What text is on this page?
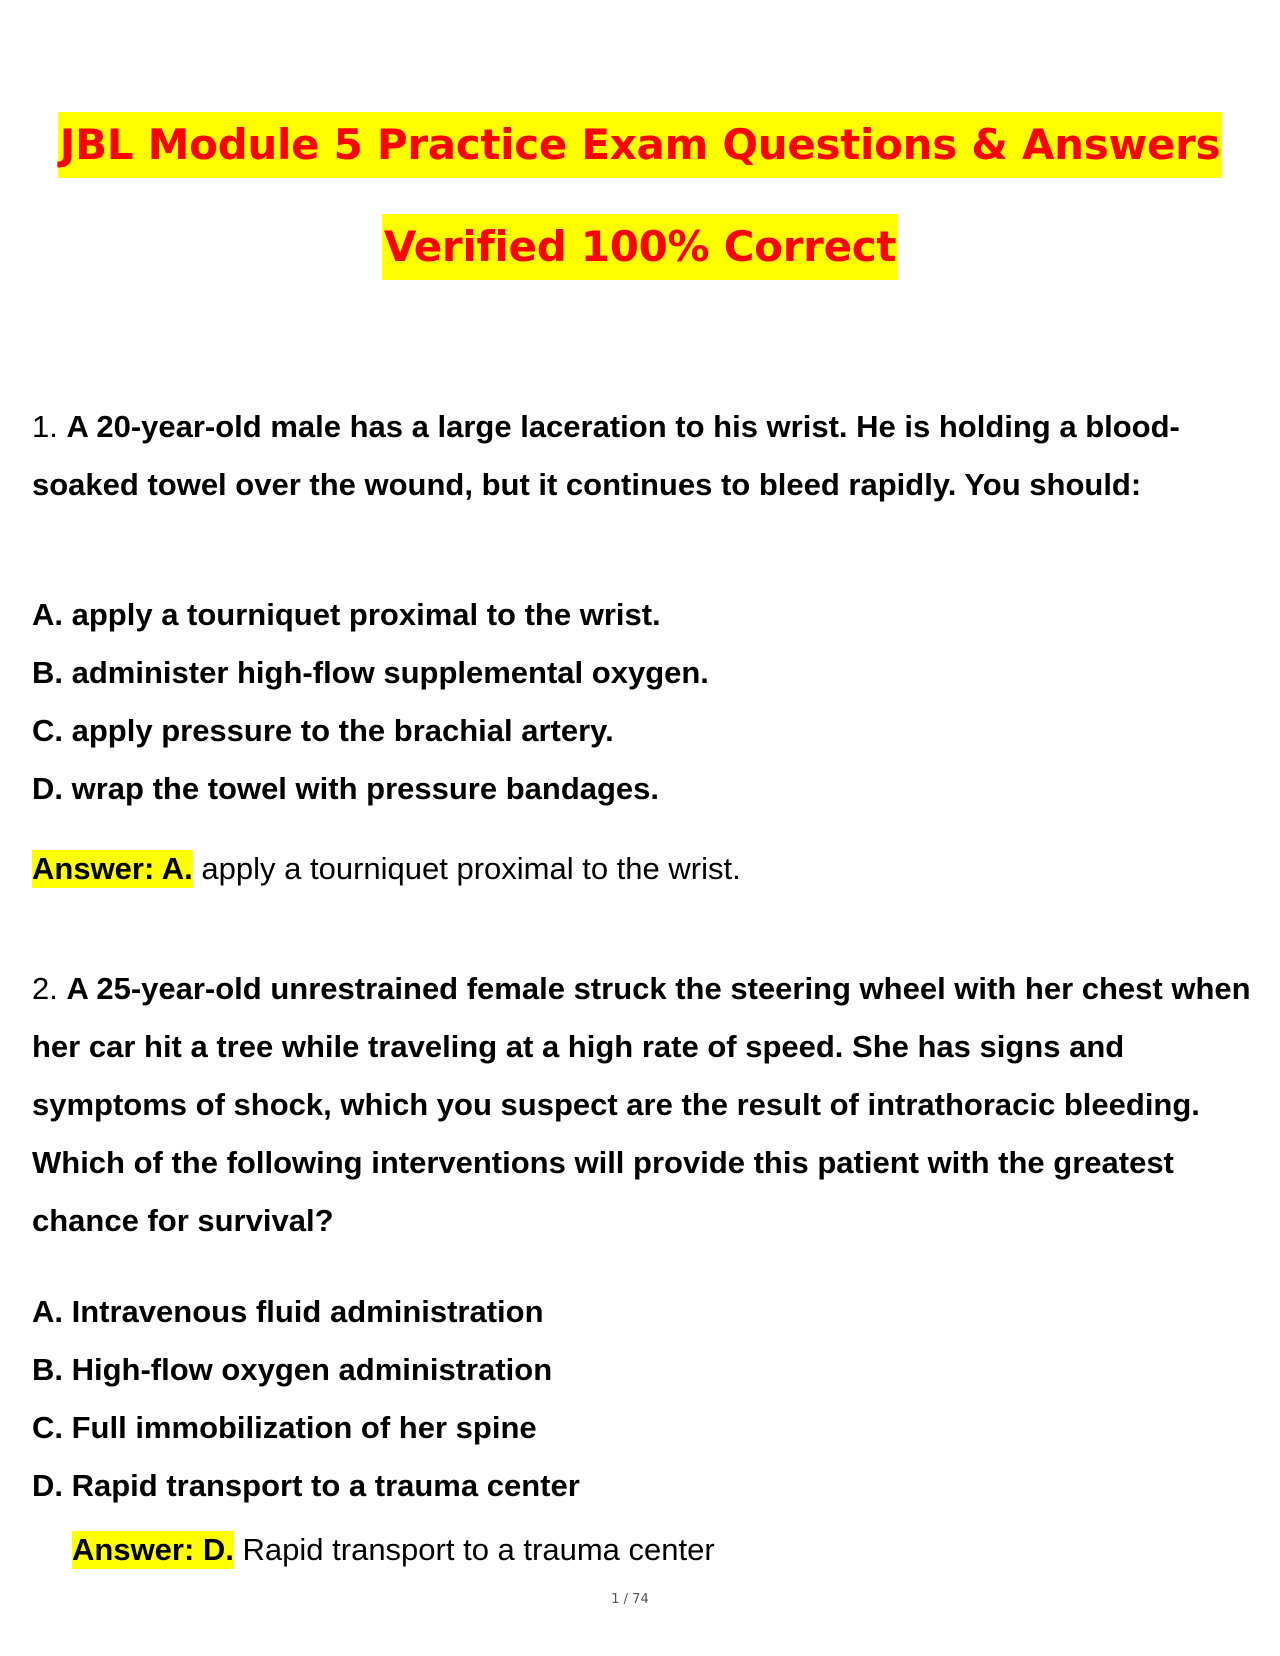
JBL Module 5 Practice Exam Questions & Answers
Verified 100% Correct
1. A 20-year-old male has a large laceration to his wrist. He is holding a blood-soaked towel over the wound, but it continues to bleed rapidly. You should:
A. apply a tourniquet proximal to the wrist.
B. administer high-flow supplemental oxygen.
C. apply pressure to the brachial artery.
D. wrap the towel with pressure bandages.
Answer: A. apply a tourniquet proximal to the wrist.
2. A 25-year-old unrestrained female struck the steering wheel with her chest when her car hit a tree while traveling at a high rate of speed. She has signs and symptoms of shock, which you suspect are the result of intrathoracic bleeding. Which of the following interventions will provide this patient with the greatest chance for survival?
A. Intravenous fluid administration
B. High-flow oxygen administration
C. Full immobilization of her spine
D. Rapid transport to a trauma center
Answer: D. Rapid transport to a trauma center
1 / 74
